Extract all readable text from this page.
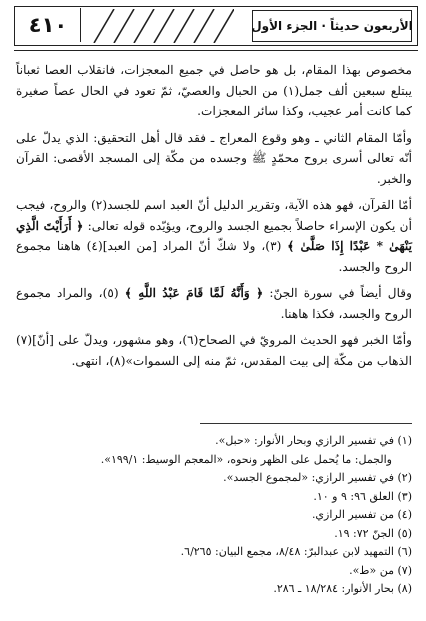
٤١٠	الأربعون حديثاً · الجزء الأول

مخصوص بهذا المقام، بل هو حاصل في جميع المعجزات، فانقلاب العصا ثعباناً يبتلع سبعين ألف جمل(١) من الحبال والعصيّ، ثمّ تعود في الحال عصاً صغيرة كما كانت أمر عجيب، وكذا سائر المعجزات.

وأمّا المقام الثاني ـ وهو وقوع المعراج ـ فقد قال أهل التحقيق: الذي يدلّ على أنّه تعالى أسرى بروح محمّدٍ ﷺ وجسده من مكّة إلى المسجد الأقصى: القرآن والخبر.

أمّا القرآن، فهو هذه الآية، وتقرير الدليل أنّ العبد اسم للجسد(٢) والروح، فيجب أن يكون الإسراء حاصلاً بجميع الجسد والروح، ويؤيّده قوله تعالى: ﴿ أَرَأَيْتَ الَّذِي يَنْهَىٰ * عَبْدًا إِذَا صَلَّىٰ ﴾ (٣)، ولا شكّ أنّ المراد [من العبد](٤) هاهنا مجموع الروح والجسد.

وقال أيضاً في سورة الجنّ: ﴿ وَأَنَّهُ لَمَّا قَامَ عَبْدُ اللَّهِ ﴾ (٥)، والمراد مجموع الروح والجسد، فكذا هاهنا.

وأمّا الخبر فهو الحديث المرويّ في الصحاح(٦)، وهو مشهور، ويدلّ على [أنّ](٧) الذهاب من مكّة إلى بيت المقدس، ثمّ منه إلى السموات»(٨)، انتهى.

(١) في تفسير الرازي وبحار الأنوار: «حبل».
والجمل: ما يُحمل على الظهر ونحوه، «المعجم الوسيط: ١٩٩/١».
(٢) في تفسير الرازي: «لمجموع الجسد».
(٣) العلق ٩٦: ٩ و ١٠.
(٤) من تفسير الرازي.
(٥) الجنّ ٧٢: ١٩.
(٦) التمهيد لابن عبدالبرّ: ٨/٤٨، مجمع البيان: ٦/٢٦٥.
(٧) من «ط».
(٨) بحار الأنوار: ١٨/٢٨٤ ـ ٢٨٦.
